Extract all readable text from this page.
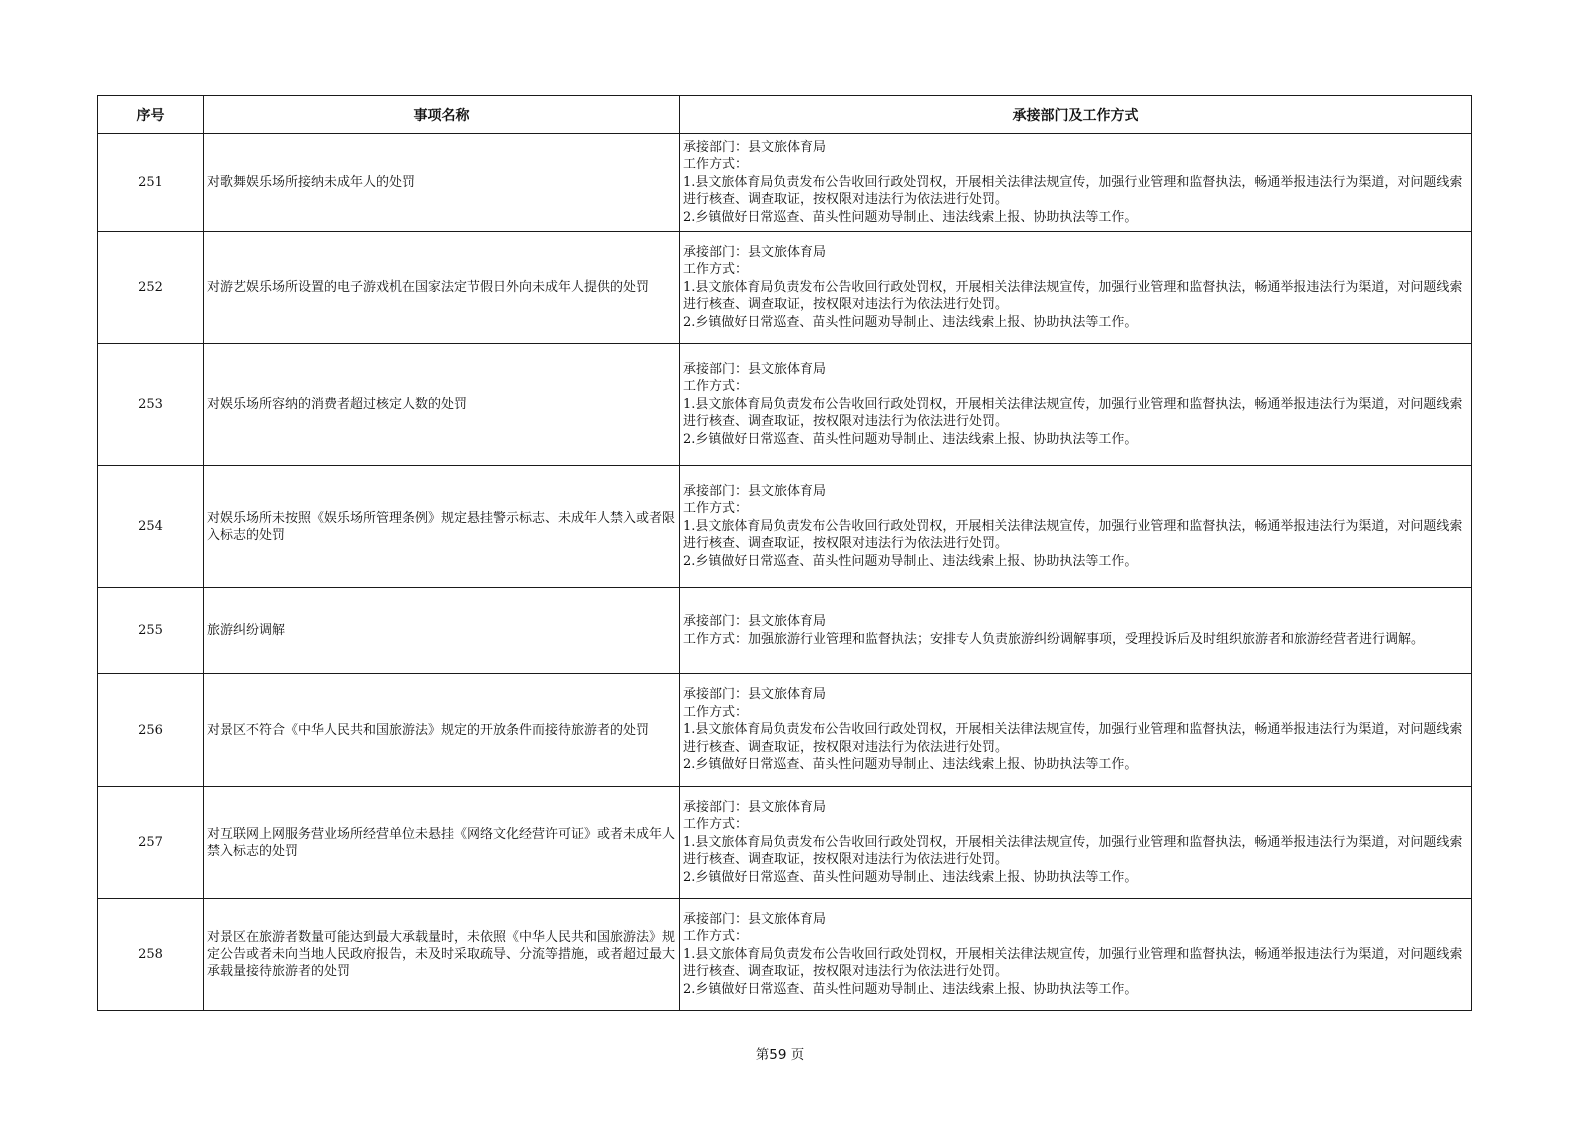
序号	事项名称	承接部门及工作方式
251	对歌舞娱乐场所接纳未成年人的处罚	承接部门：县文旅体育局
工作方式：
1.县文旅体育局负责发布公告收回行政处罚权，开展相关法律法规宣传，加强行业管理和监督执法，畅通举报违法行为渠道，对问题线索进行核查、调查取证，按权限对违法行为依法进行处罚。
2.乡镇做好日常巡查、苗头性问题劝导制止、违法线索上报、协助执法等工作。

252	对游艺娱乐场所设置的电子游戏机在国家法定节假日外向未成年人提供的处罚	承接部门：县文旅体育局
工作方式：
1.县文旅体育局负责发布公告收回行政处罚权，开展相关法律法规宣传，加强行业管理和监督执法，畅通举报违法行为渠道，对问题线索进行核查、调查取证，按权限对违法行为依法进行处罚。
2.乡镇做好日常巡查、苗头性问题劝导制止、违法线索上报、协助执法等工作。

253	对娱乐场所容纳的消费者超过核定人数的处罚	承接部门：县文旅体育局
工作方式：
1.县文旅体育局负责发布公告收回行政处罚权，开展相关法律法规宣传，加强行业管理和监督执法，畅通举报违法行为渠道，对问题线索进行核查、调查取证，按权限对违法行为依法进行处罚。
2.乡镇做好日常巡查、苗头性问题劝导制止、违法线索上报、协助执法等工作。

254	对娱乐场所未按照《娱乐场所管理条例》规定悬挂警示标志、未成年人禁入或者限入标志的处罚	承接部门：县文旅体育局
工作方式：
1.县文旅体育局负责发布公告收回行政处罚权，开展相关法律法规宣传，加强行业管理和监督执法，畅通举报违法行为渠道，对问题线索进行核查、调查取证，按权限对违法行为依法进行处罚。
2.乡镇做好日常巡查、苗头性问题劝导制止、违法线索上报、协助执法等工作。

255	旅游纠纷调解	承接部门：县文旅体育局
工作方式：加强旅游行业管理和监督执法；安排专人负责旅游纠纷调解事项，受理投诉后及时组织旅游者和旅游经营者进行调解。

256	对景区不符合《中华人民共和国旅游法》规定的开放条件而接待旅游者的处罚	承接部门：县文旅体育局
工作方式：
1.县文旅体育局负责发布公告收回行政处罚权，开展相关法律法规宣传，加强行业管理和监督执法，畅通举报违法行为渠道，对问题线索进行核查、调查取证，按权限对违法行为依法进行处罚。
2.乡镇做好日常巡查、苗头性问题劝导制止、违法线索上报、协助执法等工作。

257	对互联网上网服务营业场所经营单位未悬挂《网络文化经营许可证》或者未成年人禁入标志的处罚	承接部门：县文旅体育局
工作方式：
1.县文旅体育局负责发布公告收回行政处罚权，开展相关法律法规宣传，加强行业管理和监督执法，畅通举报违法行为渠道，对问题线索进行核查、调查取证，按权限对违法行为依法进行处罚。
2.乡镇做好日常巡查、苗头性问题劝导制止、违法线索上报、协助执法等工作。

258	对景区在旅游者数量可能达到最大承载量时，未依照《中华人民共和国旅游法》规定公告或者未向当地人民政府报告，未及时采取疏导、分流等措施，或者超过最大承载量接待旅游者的处罚	承接部门：县文旅体育局
工作方式：
1.县文旅体育局负责发布公告收回行政处罚权，开展相关法律法规宣传，加强行业管理和监督执法，畅通举报违法行为渠道，对问题线索进行核查、调查取证，按权限对违法行为依法进行处罚。
2.乡镇做好日常巡查、苗头性问题劝导制止、违法线索上报、协助执法等工作。
第59 页
